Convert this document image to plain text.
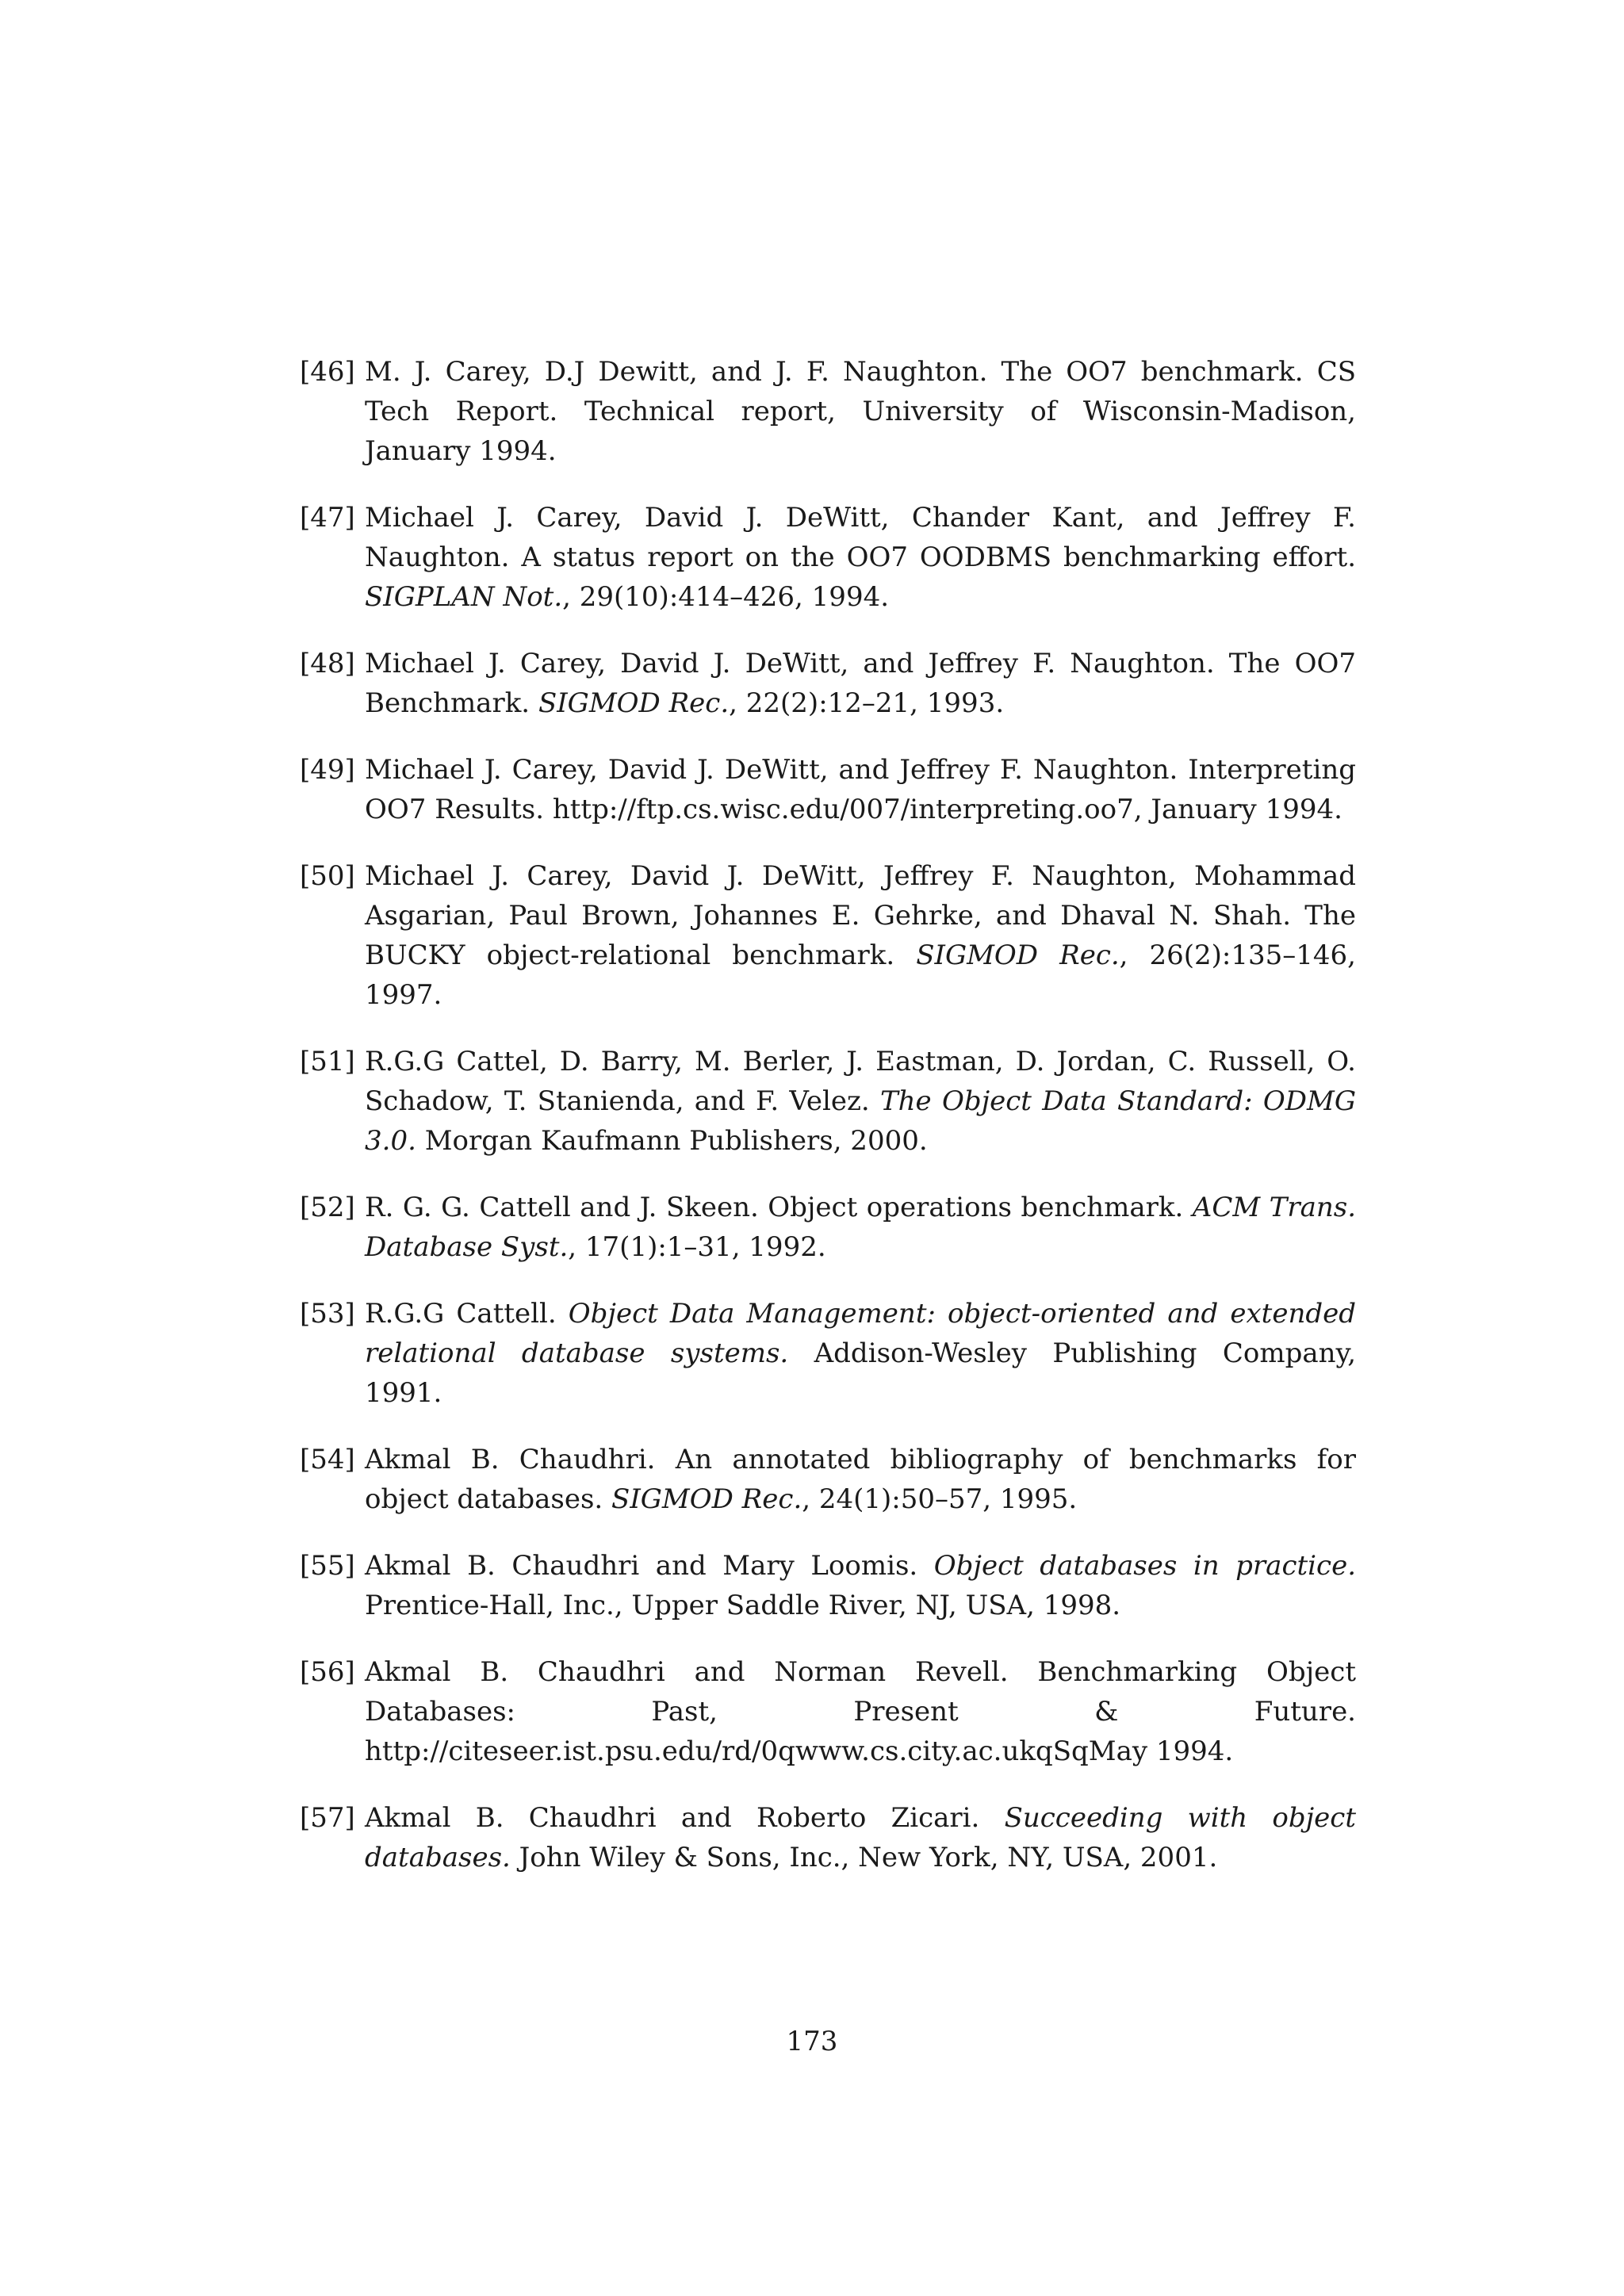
[46] M. J. Carey, D.J Dewitt, and J. F. Naughton. The OO7 benchmark. CS Tech Report. Technical report, University of Wisconsin-Madison, January 1994.
[47] Michael J. Carey, David J. DeWitt, Chander Kant, and Jeffrey F. Naughton. A status report on the OO7 OODBMS benchmarking effort. SIGPLAN Not., 29(10):414–426, 1994.
[48] Michael J. Carey, David J. DeWitt, and Jeffrey F. Naughton. The OO7 Benchmark. SIGMOD Rec., 22(2):12–21, 1993.
[49] Michael J. Carey, David J. DeWitt, and Jeffrey F. Naughton. Interpreting OO7 Results. http://ftp.cs.wisc.edu/007/interpreting.oo7, January 1994.
[50] Michael J. Carey, David J. DeWitt, Jeffrey F. Naughton, Mohammad Asgarian, Paul Brown, Johannes E. Gehrke, and Dhaval N. Shah. The BUCKY object-relational benchmark. SIGMOD Rec., 26(2):135–146, 1997.
[51] R.G.G Cattel, D. Barry, M. Berler, J. Eastman, D. Jordan, C. Russell, O. Schadow, T. Stanienda, and F. Velez. The Object Data Standard: ODMG 3.0. Morgan Kaufmann Publishers, 2000.
[52] R. G. G. Cattell and J. Skeen. Object operations benchmark. ACM Trans. Database Syst., 17(1):1–31, 1992.
[53] R.G.G Cattell. Object Data Management: object-oriented and extended relational database systems. Addison-Wesley Publishing Company, 1991.
[54] Akmal B. Chaudhri. An annotated bibliography of benchmarks for object databases. SIGMOD Rec., 24(1):50–57, 1995.
[55] Akmal B. Chaudhri and Mary Loomis. Object databases in practice. Prentice-Hall, Inc., Upper Saddle River, NJ, USA, 1998.
[56] Akmal B. Chaudhri and Norman Revell. Benchmarking Object Databases: Past, Present & Future. http://citeseer.ist.psu.edu/rd/0qwww.cs.city.ac.ukqSqMay 1994.
[57] Akmal B. Chaudhri and Roberto Zicari. Succeeding with object databases. John Wiley & Sons, Inc., New York, NY, USA, 2001.
173
